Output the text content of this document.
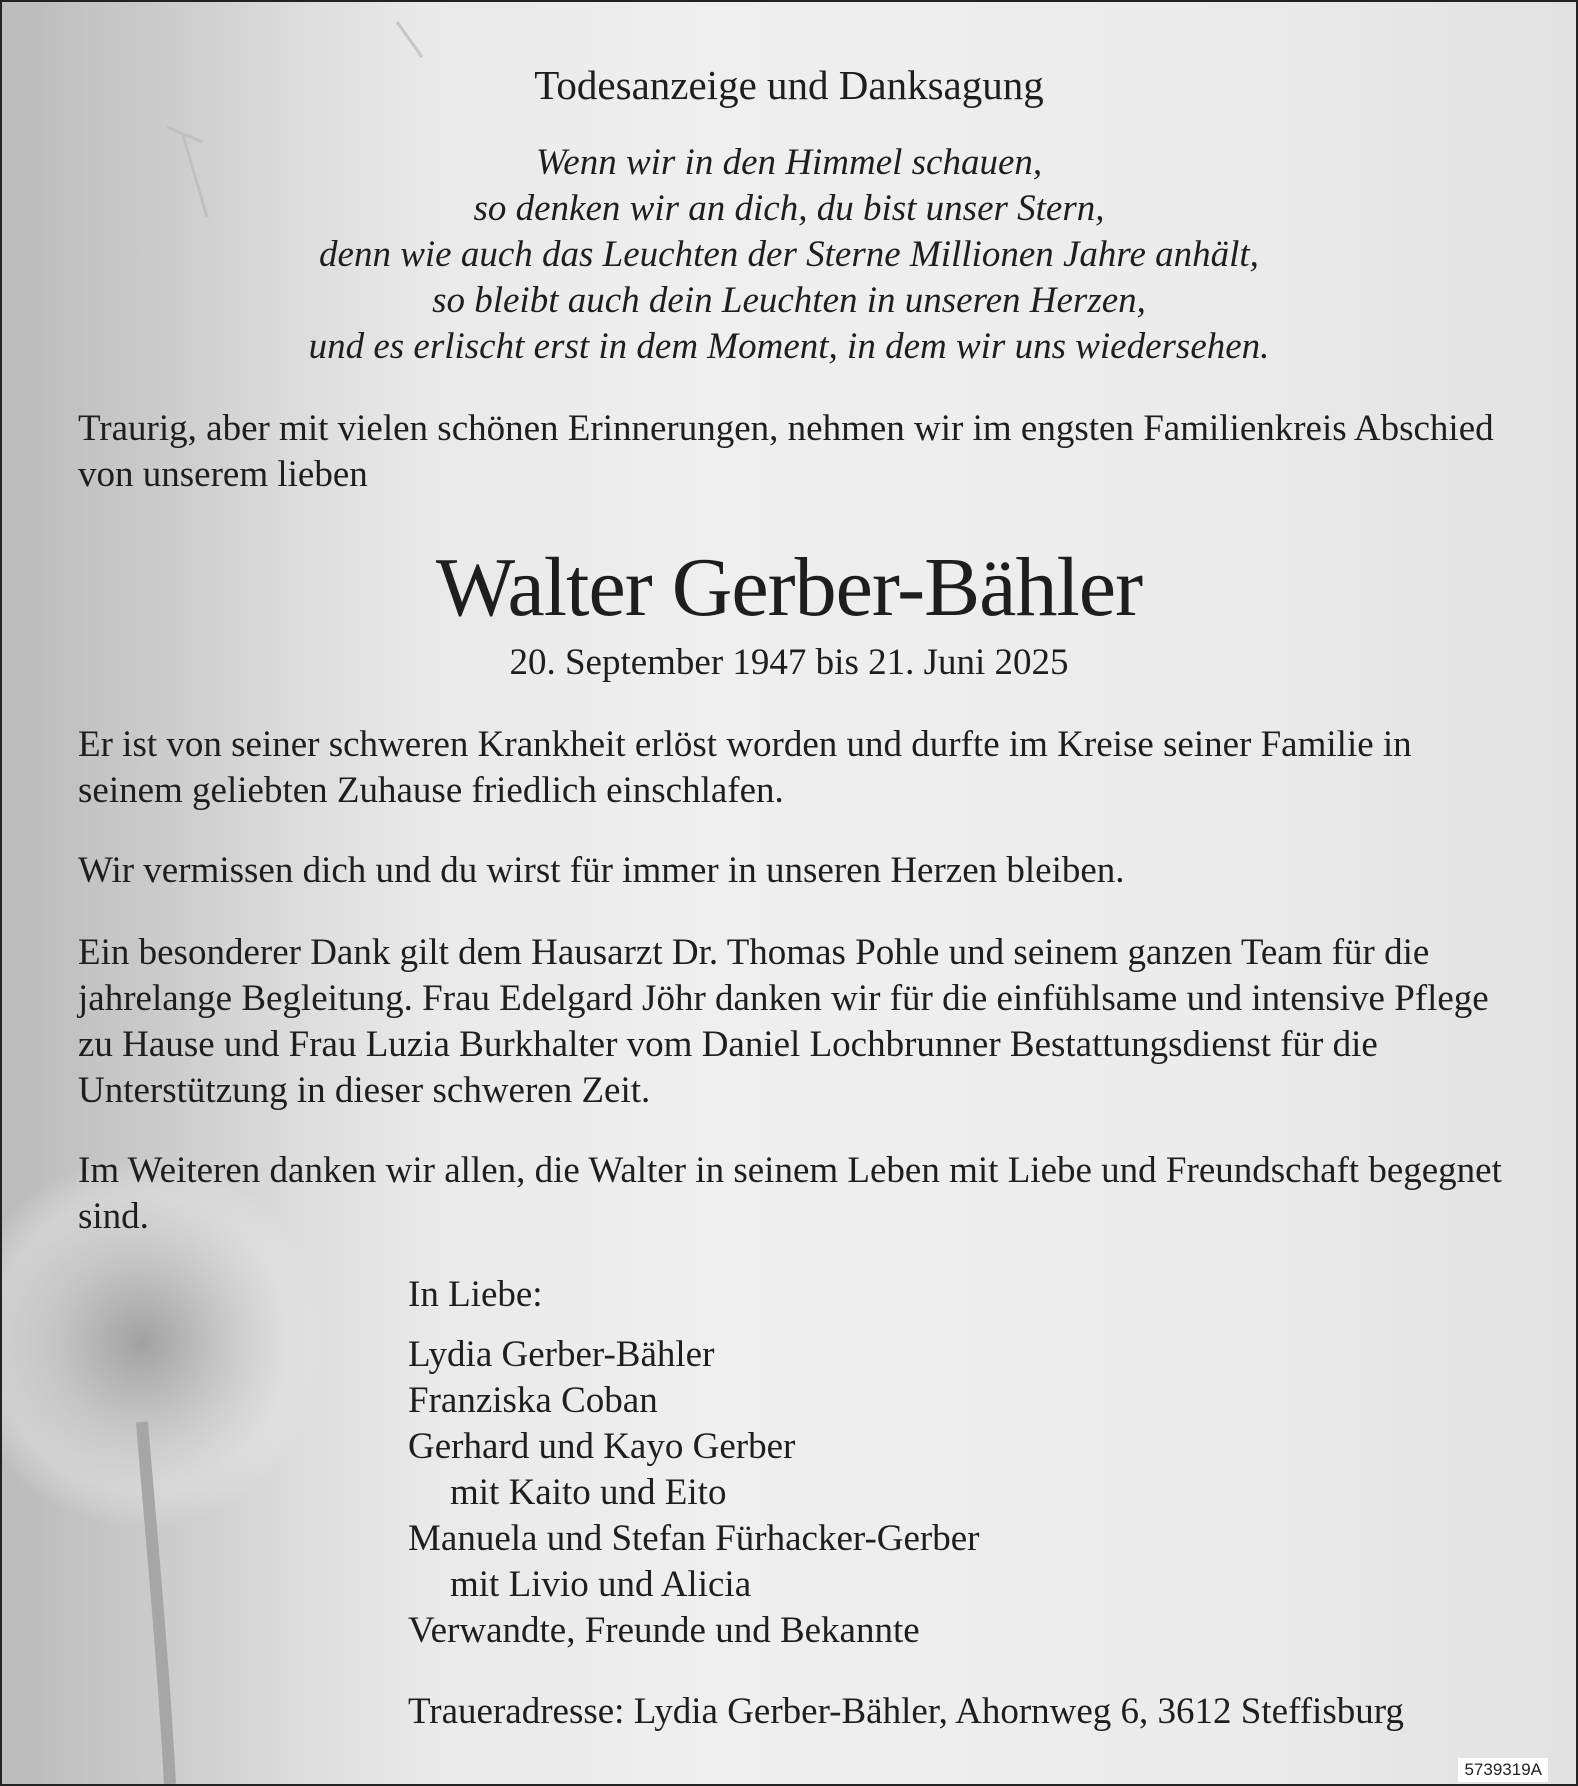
Todesanzeige und Danksagung
Wenn wir in den Himmel schauen,
so denken wir an dich, du bist unser Stern,
denn wie auch das Leuchten der Sterne Millionen Jahre anhält,
so bleibt auch dein Leuchten in unseren Herzen,
und es erlischt erst in dem Moment, in dem wir uns wiedersehen.

Traurig, aber mit vielen schönen Erinnerungen, nehmen wir im engsten Familienkreis Abschied von unserem lieben

Walter Gerber-Bähler
20. September 1947 bis 21. Juni 2025

Er ist von seiner schweren Krankheit erlöst worden und durfte im Kreise seiner Familie in seinem geliebten Zuhause friedlich einschlafen.

Wir vermissen dich und du wirst für immer in unseren Herzen bleiben.

Ein besonderer Dank gilt dem Hausarzt Dr. Thomas Pohle und seinem ganzen Team für die jahrelange Begleitung. Frau Edelgard Jöhr danken wir für die einfühlsame und intensive Pflege zu Hause und Frau Luzia Burkhalter vom Daniel Lochbrunner Bestattungsdienst für die Unterstützung in dieser schweren Zeit.

Im Weiteren danken wir allen, die Walter in seinem Leben mit Liebe und Freundschaft begegnet sind.

In Liebe:
Lydia Gerber-Bähler
Franziska Coban
Gerhard und Kayo Gerber
mit Kaito und Eito
Manuela und Stefan Fürhacker-Gerber
mit Livio und Alicia
Verwandte, Freunde und Bekannte
Traueradresse: Lydia Gerber-Bähler, Ahornweg 6, 3612 Steffisburg
5739319A
